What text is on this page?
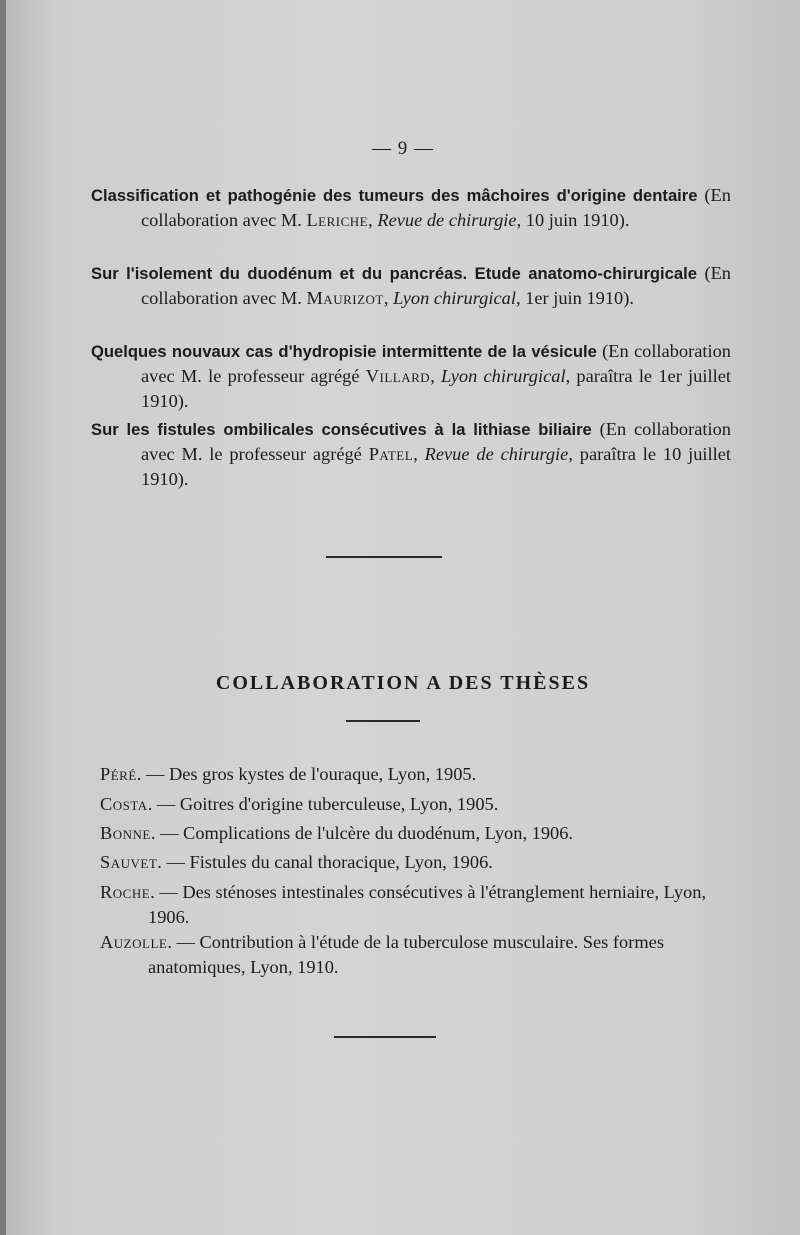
— 9 —
Classification et pathogénie des tumeurs des mâchoires d'origine dentaire (En collaboration avec M. Leriche, Revue de chirurgie, 10 juin 1910).
Sur l'isolement du duodénum et du pancréas. Etude anatomo-chirurgicale (En collaboration avec M. Maurizot, Lyon chirurgical, 1er juin 1910).
Quelques nouvaux cas d'hydropisie intermittente de la vésicule (En collaboration avec M. le professeur agrégé Villard, Lyon chirurgical, paraîtra le 1er juillet 1910).
Sur les fistules ombilicales consécutives à la lithiase biliaire (En collaboration avec M. le professeur agrégé Patel, Revue de chirurgie, paraîtra le 10 juillet 1910).
COLLABORATION A DES THÈSES
Péré. — Des gros kystes de l'ouraque, Lyon, 1905.
Costa. — Goitres d'origine tuberculeuse, Lyon, 1905.
Bonne. — Complications de l'ulcère du duodénum, Lyon, 1906.
Sauvet. — Fistules du canal thoracique, Lyon, 1906.
Roche. — Des sténoses intestinales consécutives à l'étranglement herniaire, Lyon, 1906.
Auzolle. — Contribution à l'étude de la tuberculose musculaire. Ses formes anatomiques, Lyon, 1910.
